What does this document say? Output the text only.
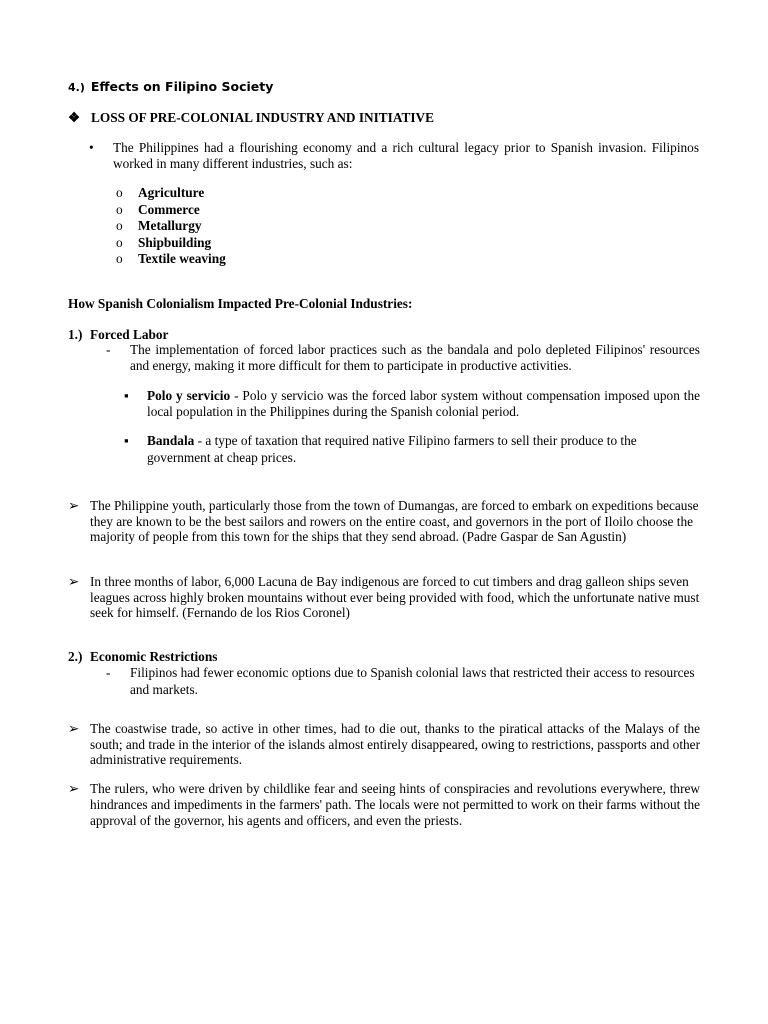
4.) Effects on Filipino Society
❖ LOSS OF PRE-COLONIAL INDUSTRY AND INITIATIVE
• The Philippines had a flourishing economy and a rich cultural legacy prior to Spanish invasion. Filipinos worked in many different industries, such as:
o	Agriculture
o	Commerce
o	Metallurgy
o	Shipbuilding
o	Textile weaving
How Spanish Colonialism Impacted Pre-Colonial Industries:
1.) Forced Labor
- The implementation of forced labor practices such as the bandala and polo depleted Filipinos' resources and energy, making it more difficult for them to participate in productive activities.
▪ Polo y servicio - Polo y servicio was the forced labor system without compensation imposed upon the local population in the Philippines during the Spanish colonial period.
▪ Bandala - a type of taxation that required native Filipino farmers to sell their produce to the government at cheap prices.
➢ The Philippine youth, particularly those from the town of Dumangas, are forced to embark on expeditions because they are known to be the best sailors and rowers on the entire coast, and governors in the port of Iloilo choose the majority of people from this town for the ships that they send abroad. (Padre Gaspar de San Agustin)
➢ In three months of labor, 6,000 Lacuna de Bay indigenous are forced to cut timbers and drag galleon ships seven leagues across highly broken mountains without ever being provided with food, which the unfortunate native must seek for himself. (Fernando de los Rios Coronel)
2.) Economic Restrictions
- Filipinos had fewer economic options due to Spanish colonial laws that restricted their access to resources and markets.
➢ The coastwise trade, so active in other times, had to die out, thanks to the piratical attacks of the Malays of the south; and trade in the interior of the islands almost entirely disappeared, owing to restrictions, passports and other administrative requirements.
➢ The rulers, who were driven by childlike fear and seeing hints of conspiracies and revolutions everywhere, threw hindrances and impediments in the farmers' path. The locals were not permitted to work on their farms without the approval of the governor, his agents and officers, and even the priests.
